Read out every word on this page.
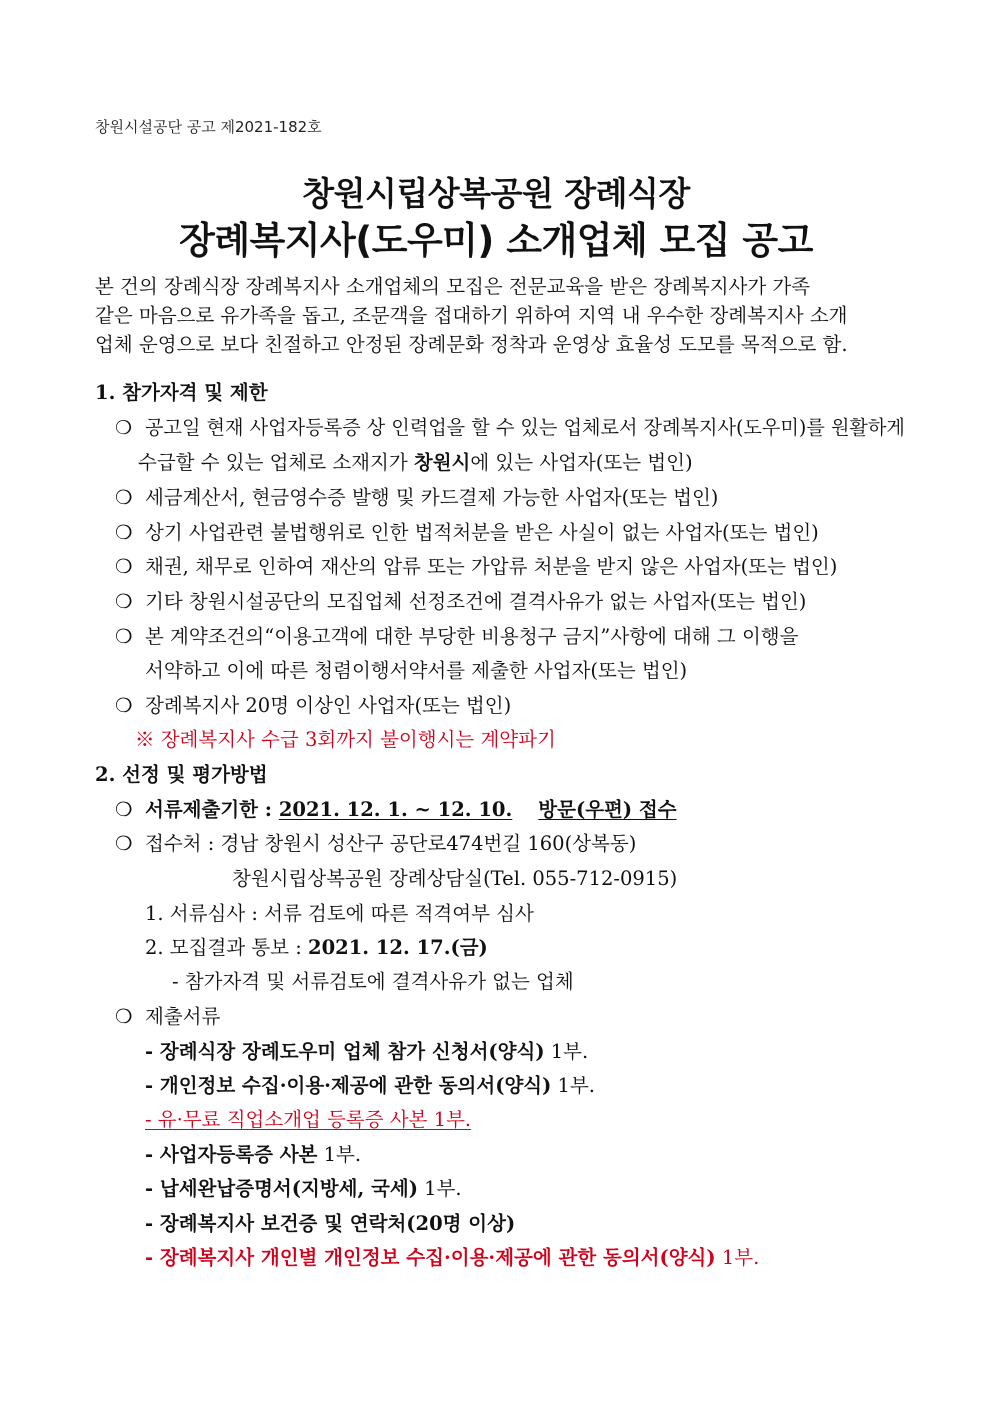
창원시설공단 공고 제2021-182호
창원시립상복공원 장례식장
장례복지사(도우미) 소개업체 모집 공고
본 건의 장례식장 장례복지사 소개업체의 모집은 전문교육을 받은 장례복지사가 가족
같은 마음으로 유가족을 돕고, 조문객을 접대하기 위하여 지역 내 우수한 장례복지사 소개
업체 운영으로 보다 친절하고 안정된 장례문화 정착과 운영상 효율성 도모를 목적으로 함.
1. 참가자격 및 제한
❍ 공고일 현재 사업자등록증 상 인력업을 할 수 있는 업체로서 장례복지사(도우미)를 원활하게
수급할 수 있는 업체로 소재지가 창원시에 있는 사업자(또는 법인)
❍ 세금계산서, 현금영수증 발행 및 카드결제 가능한 사업자(또는 법인)
❍ 상기 사업관련 불법행위로 인한 법적처분을 받은 사실이 없는 사업자(또는 법인)
❍ 채권, 채무로 인하여 재산의 압류 또는 가압류 처분을 받지 않은 사업자(또는 법인)
❍ 기타 창원시설공단의 모집업체 선정조건에 결격사유가 없는 사업자(또는 법인)
❍ 본 계약조건의“이용고객에 대한 부당한 비용청구 금지”사항에 대해 그 이행을
서약하고 이에 따른 청렴이행서약서를 제출한 사업자(또는 법인)
❍ 장례복지사 20명 이상인 사업자(또는 법인)
※ 장례복지사 수급 3회까지 불이행시는 계약파기
2. 선정 및 평가방법
❍ 서류제출기한 : 2021. 12. 1. ~ 12. 10. 방문(우편) 접수
❍ 접수처 : 경남 창원시 성산구 공단로474번길 160(상복동)
창원시립상복공원 장례상담실(Tel. 055-712-0915)
1. 서류심사 : 서류 검토에 따른 적격여부 심사
2. 모집결과 통보 : 2021. 12. 17.(금)
- 참가자격 및 서류검토에 결격사유가 없는 업체
❍ 제출서류
- 장례식장 장례도우미 업체 참가 신청서(양식) 1부.
- 개인정보 수집·이용·제공에 관한 동의서(양식) 1부.
- 유·무료 직업소개업 등록증 사본 1부.
- 사업자등록증 사본 1부.
- 납세완납증명서(지방세, 국세) 1부.
- 장례복지사 보건증 및 연락처(20명 이상)
- 장례복지사 개인별 개인정보 수집·이용·제공에 관한 동의서(양식) 1부.
